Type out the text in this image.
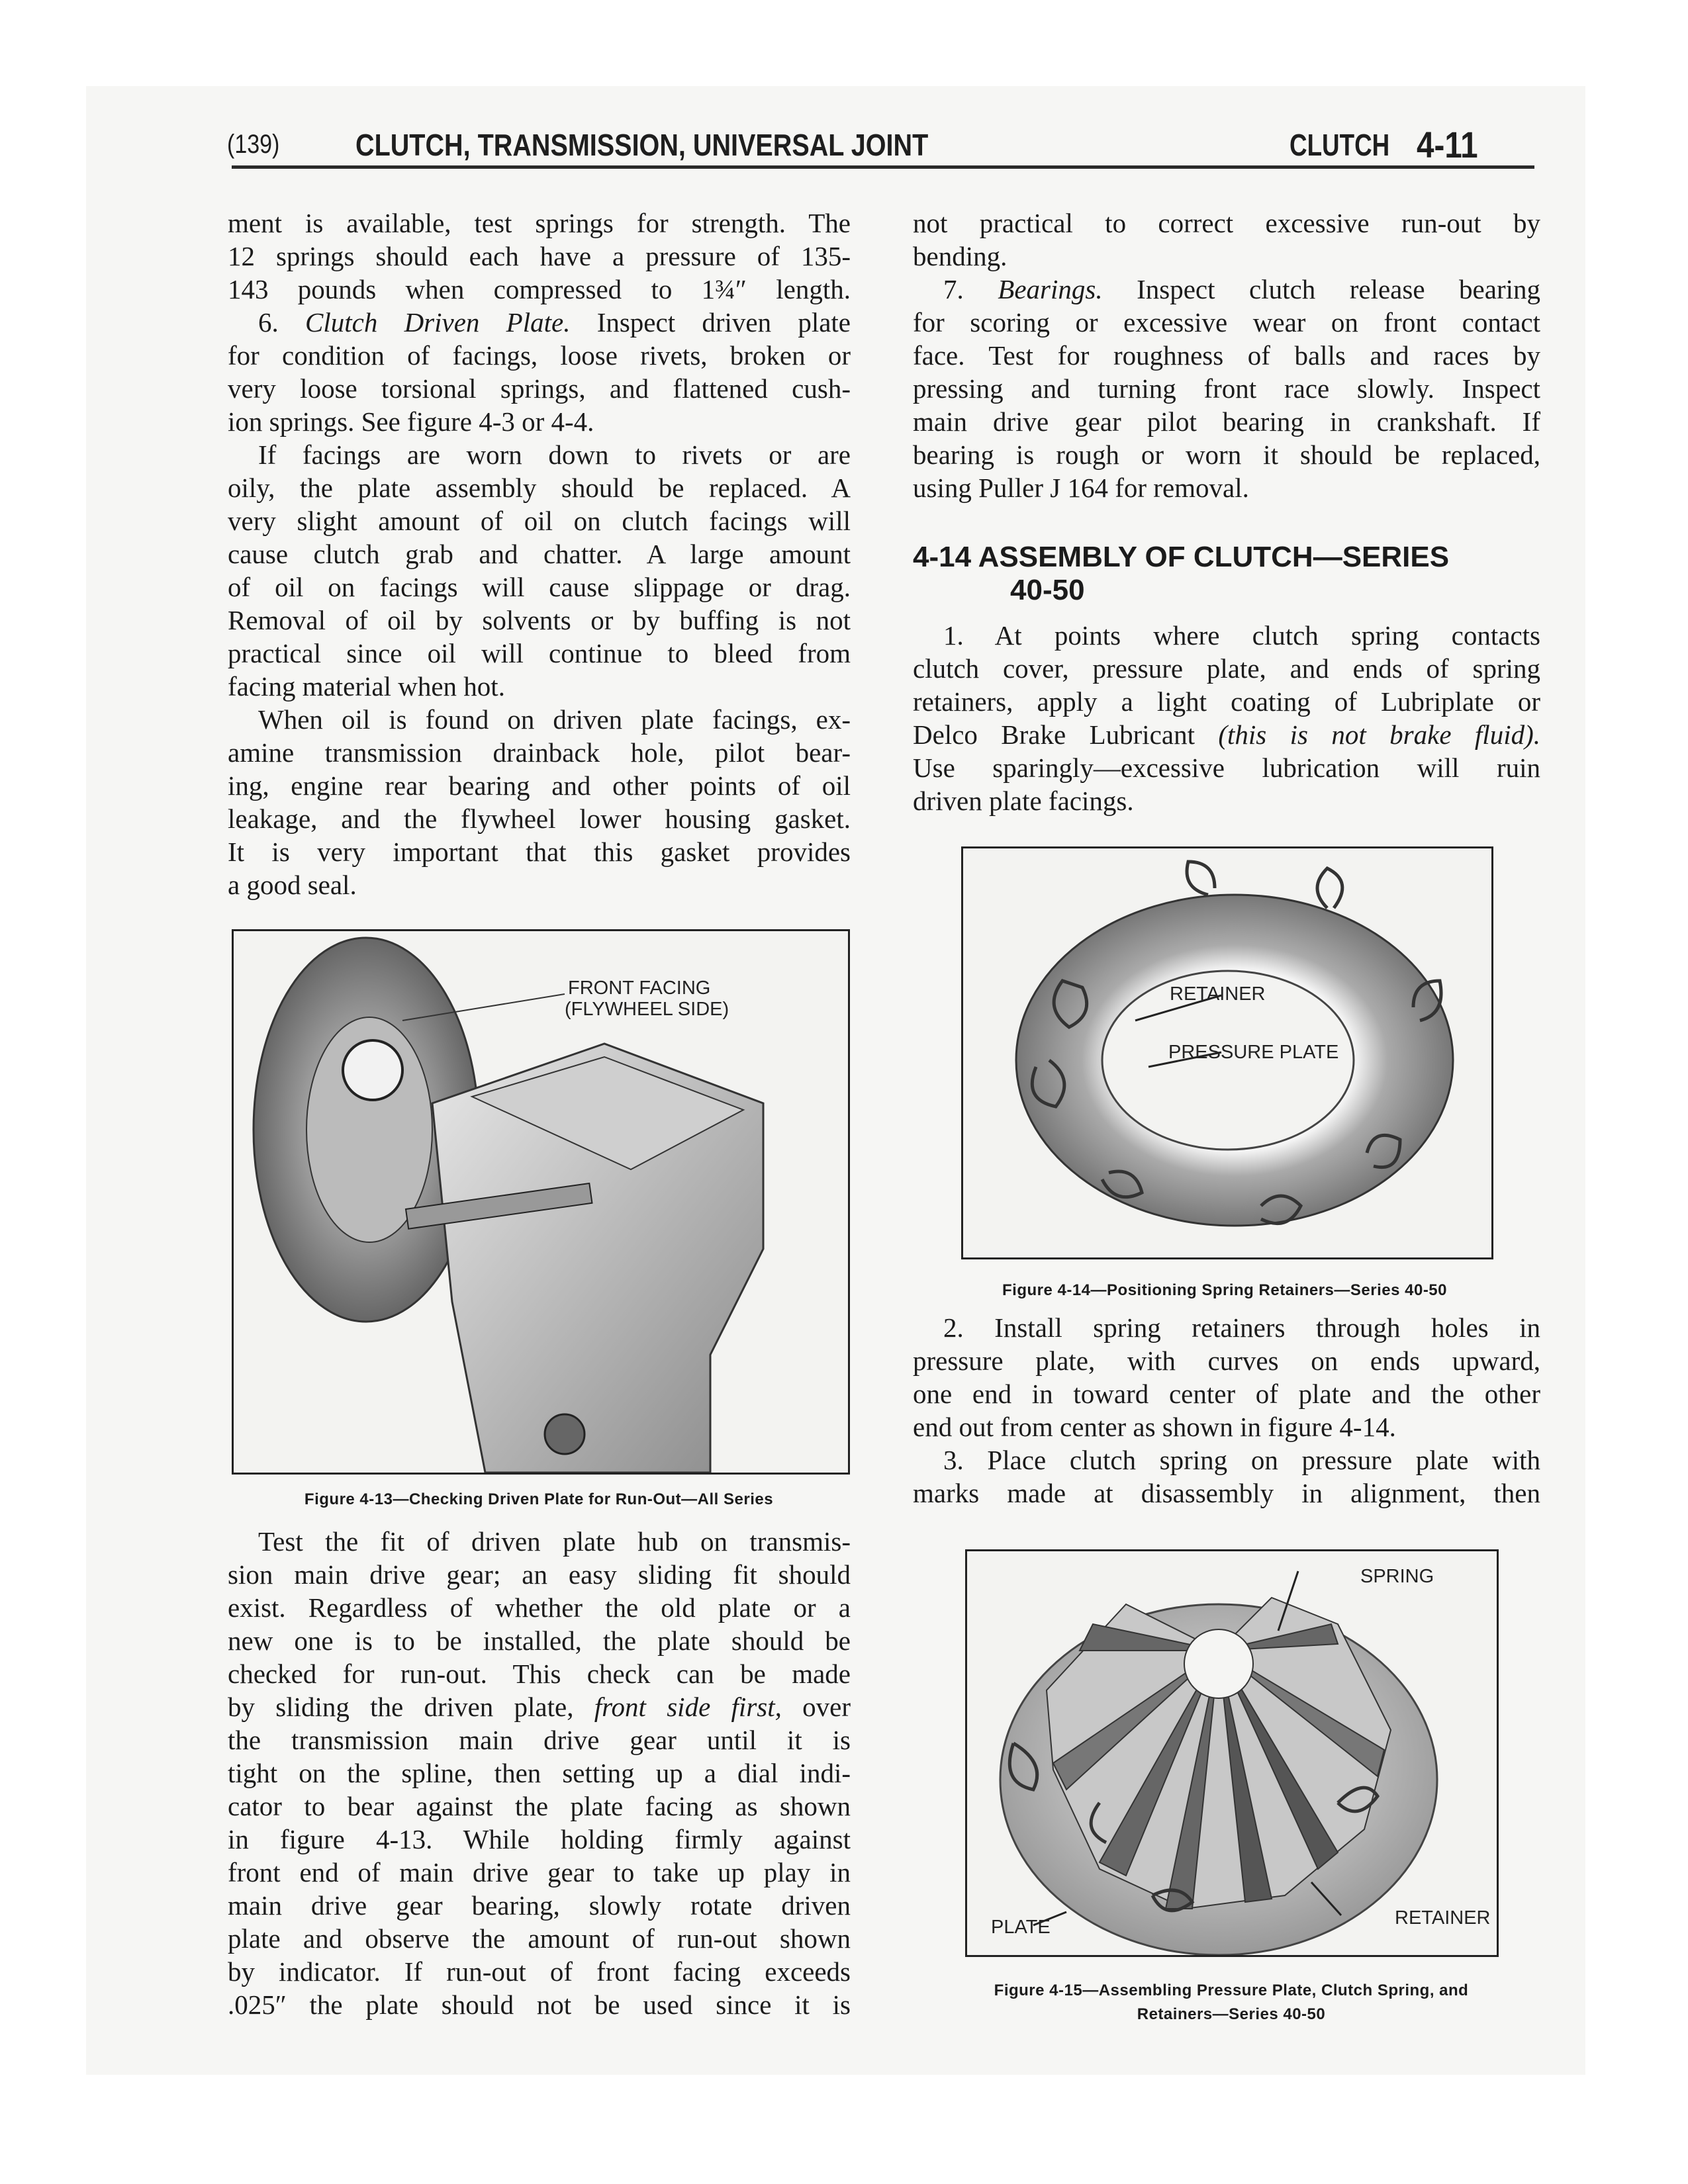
(139) CLUTCH, TRANSMISSION, UNIVERSAL JOINT	CLUTCH 4-11
ment is available, test springs for strength. The
12 springs should each have a pressure of 135-
143 pounds when compressed to 1¾″ length.
6. Clutch Driven Plate. Inspect driven plate
for condition of facings, loose rivets, broken or
very loose torsional springs, and flattened cush-
ion springs. See figure 4-3 or 4-4.
If facings are worn down to rivets or are
oily, the plate assembly should be replaced. A
very slight amount of oil on clutch facings will
cause clutch grab and chatter. A large amount
of oil on facings will cause slippage or drag.
Removal of oil by solvents or by buffing is not
practical since oil will continue to bleed from
facing material when hot.
When oil is found on driven plate facings, ex-
amine transmission drainback hole, pilot bear-
ing, engine rear bearing and other points of oil
leakage, and the flywheel lower housing gasket.
It is very important that this gasket provides
a good seal.
Test the fit of driven plate hub on transmis-
sion main drive gear; an easy sliding fit should
exist. Regardless of whether the old plate or a
new one is to be installed, the plate should be
checked for run-out. This check can be made
by sliding the driven plate, front side first, over
the transmission main drive gear until it is
tight on the spline, then setting up a dial indi-
cator to bear against the plate facing as shown
in figure 4-13. While holding firmly against
front end of main drive gear to take up play in
main drive gear bearing, slowly rotate driven
plate and observe the amount of run-out shown
by indicator. If run-out of front facing exceeds
.025″ the plate should not be used since it is
not practical to correct excessive run-out by
bending.
7. Bearings. Inspect clutch release bearing
for scoring or excessive wear on front contact
face. Test for roughness of balls and races by
pressing and turning front race slowly. Inspect
main drive gear pilot bearing in crankshaft. If
bearing is rough or worn it should be replaced,
using Puller J 164 for removal.
4-14 ASSEMBLY OF CLUTCH—SERIES
40-50
1. At points where clutch spring contacts
clutch cover, pressure plate, and ends of spring
retainers, apply a light coating of Lubriplate or
Delco Brake Lubricant (this is not brake fluid).
Use sparingly—excessive lubrication will ruin
driven plate facings.
2. Install spring retainers through holes in
pressure plate, with curves on ends upward,
one end in toward center of plate and the other
end out from center as shown in figure 4-14.
3. Place clutch spring on pressure plate with
marks made at disassembly in alignment, then
FRONT FACING
(FLYWHEEL SIDE)
Figure 4-13—Checking Driven Plate for Run-Out—All Series
RETAINER
PRESSURE PLATE
Figure 4-14—Positioning Spring Retainers—Series 40-50
SPRING
RETAINER
PLATE
Figure 4-15—Assembling Pressure Plate, Clutch Spring, and
Retainers—Series 40-50
